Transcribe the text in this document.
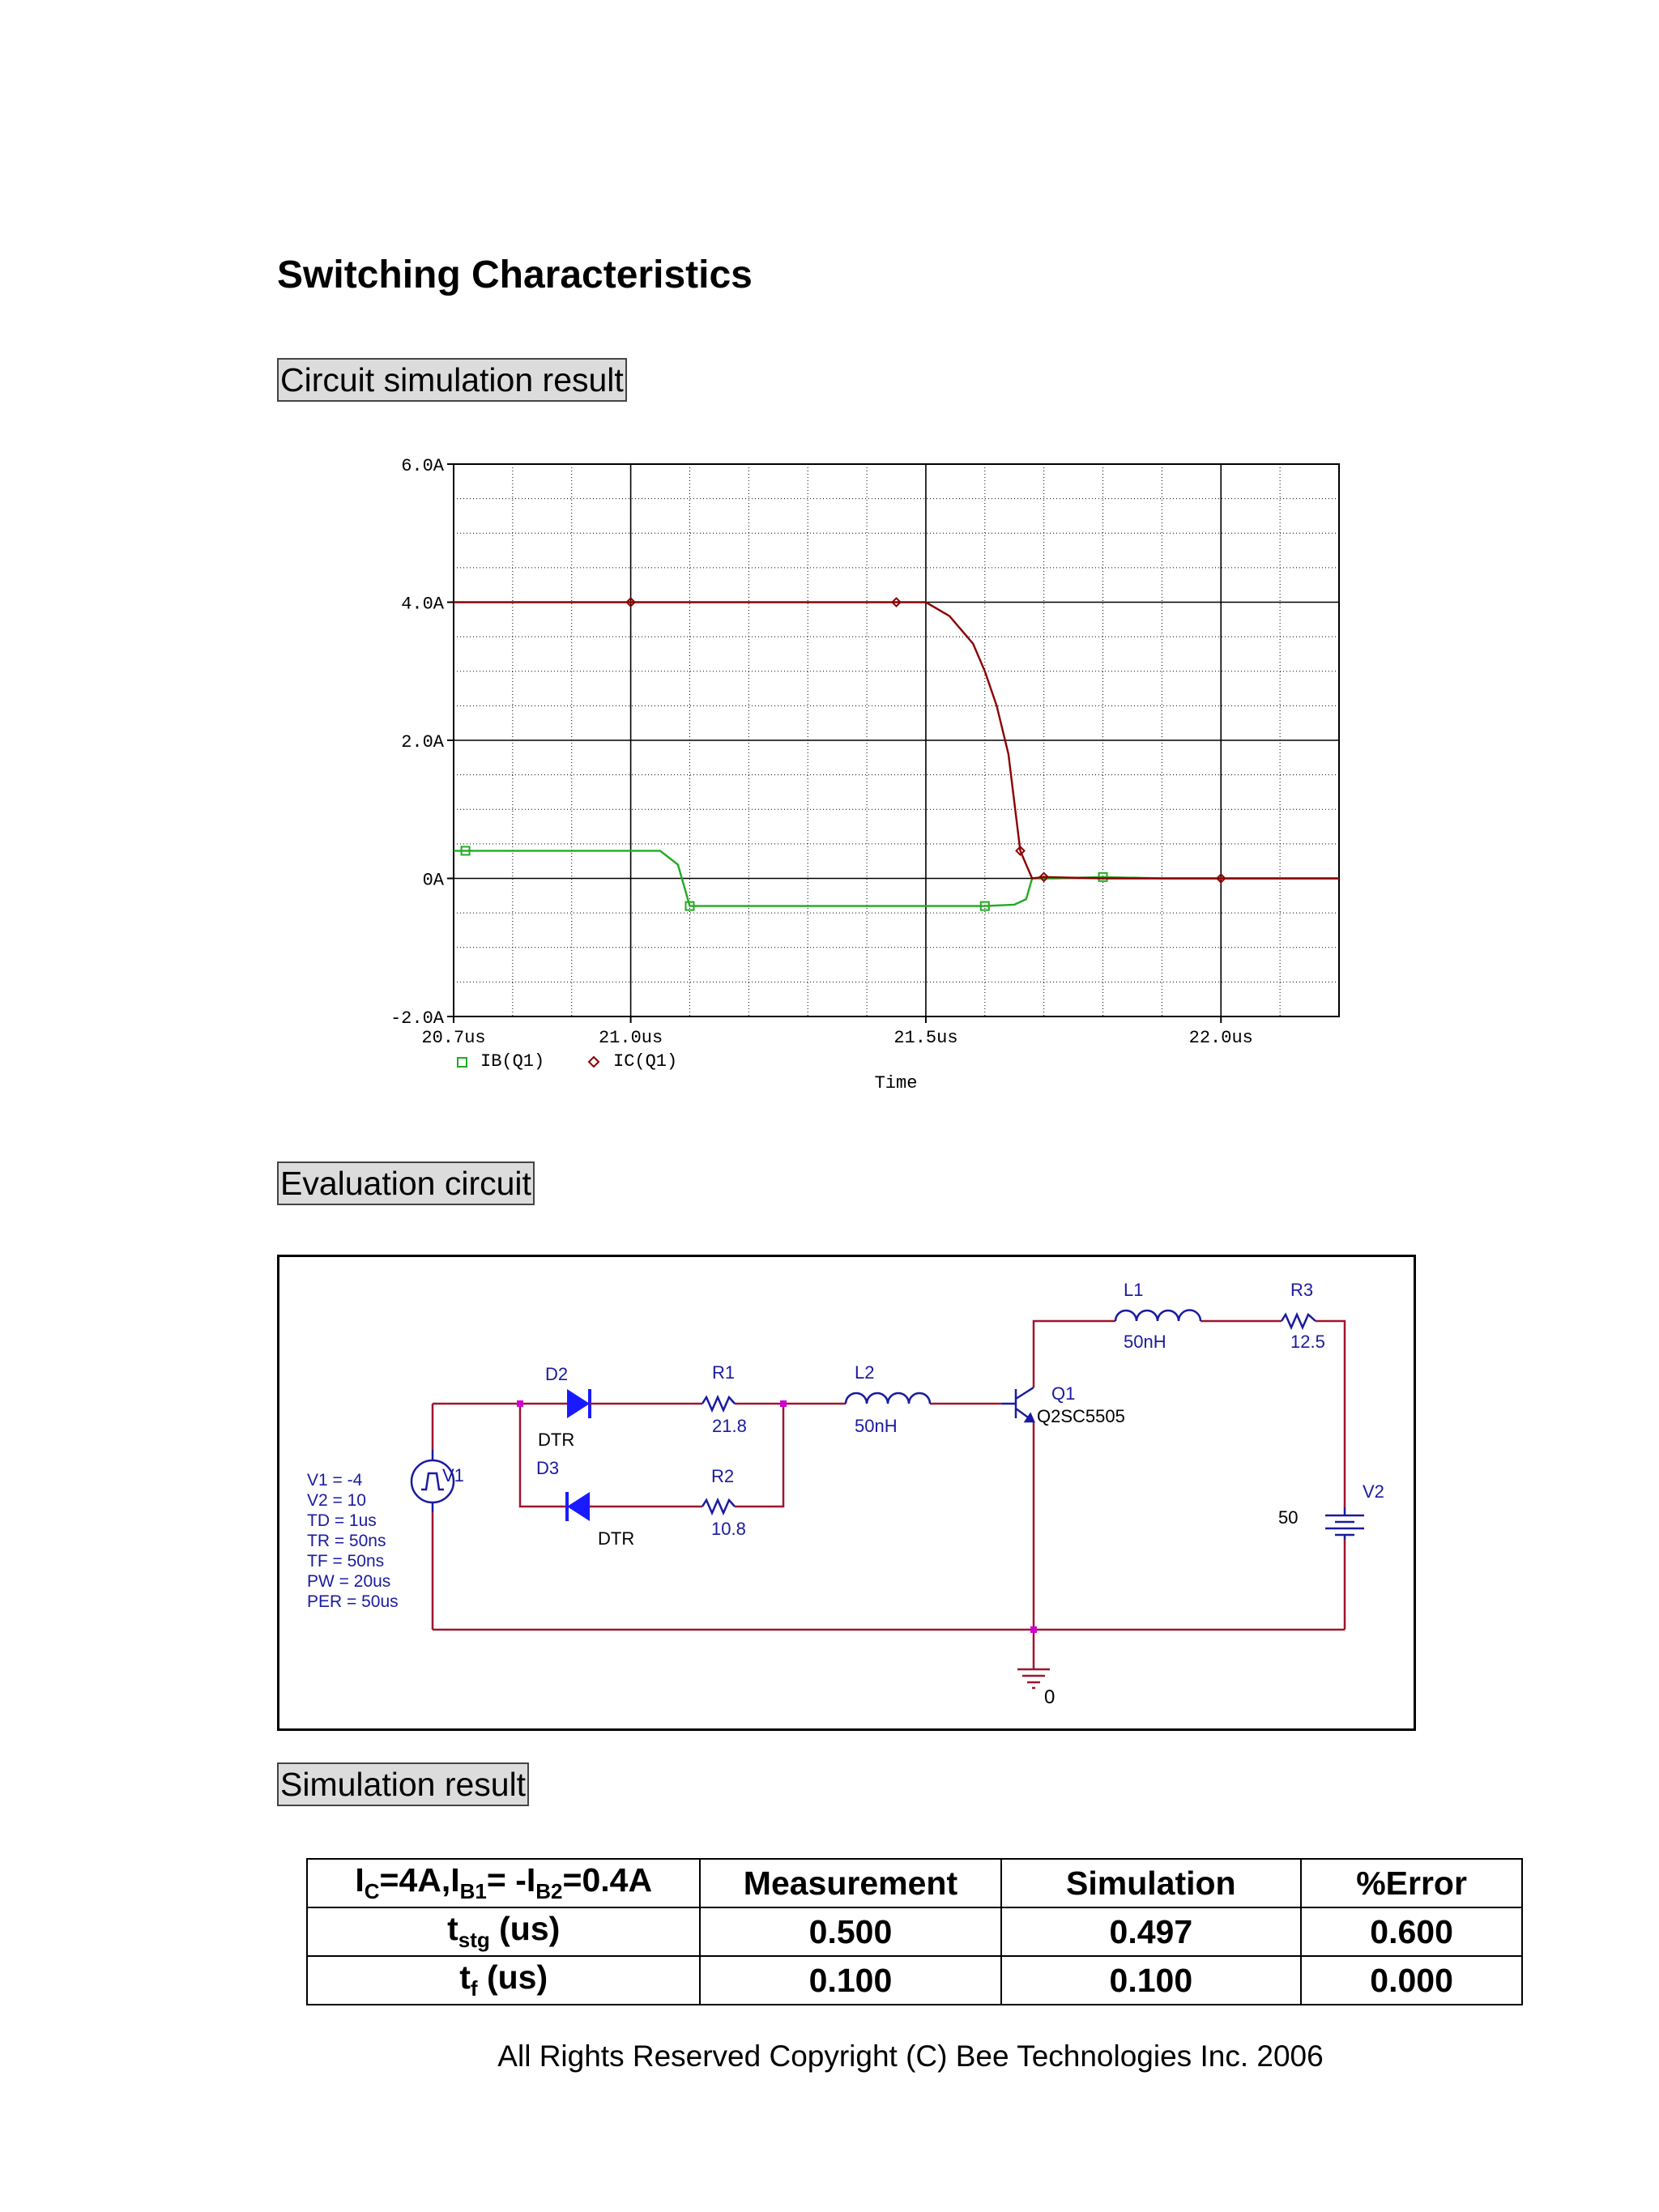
Switching Characteristics
Circuit simulation result
6.0A
4.0A
2.0A
0A
-2.0A
20.7us	21.0us	21.5us	22.0us
IB(Q1)	IC(Q1)
Time
Evaluation circuit
V1
V1 = -4
V2 = 10
TD = 1us
TR = 50ns
TF = 50ns
PW = 20us
PER = 50us
D2
DTR
D3
DTR
R1
21.8
R2
10.8
L2
50nH
Q1
Q2SC5505
L1
50nH
R3
12.5
V2
50
0
Simulation result
$I_C=4A,I_{B1}= -I_{B2}=0.4A$	Measurement	Simulation	%Error
$t_{stg}$ (us)	0.500	0.497	0.600
$t_f$ (us)	0.100	0.100	0.000
All Rights Reserved Copyright (C) Bee Technologies Inc. 2006
